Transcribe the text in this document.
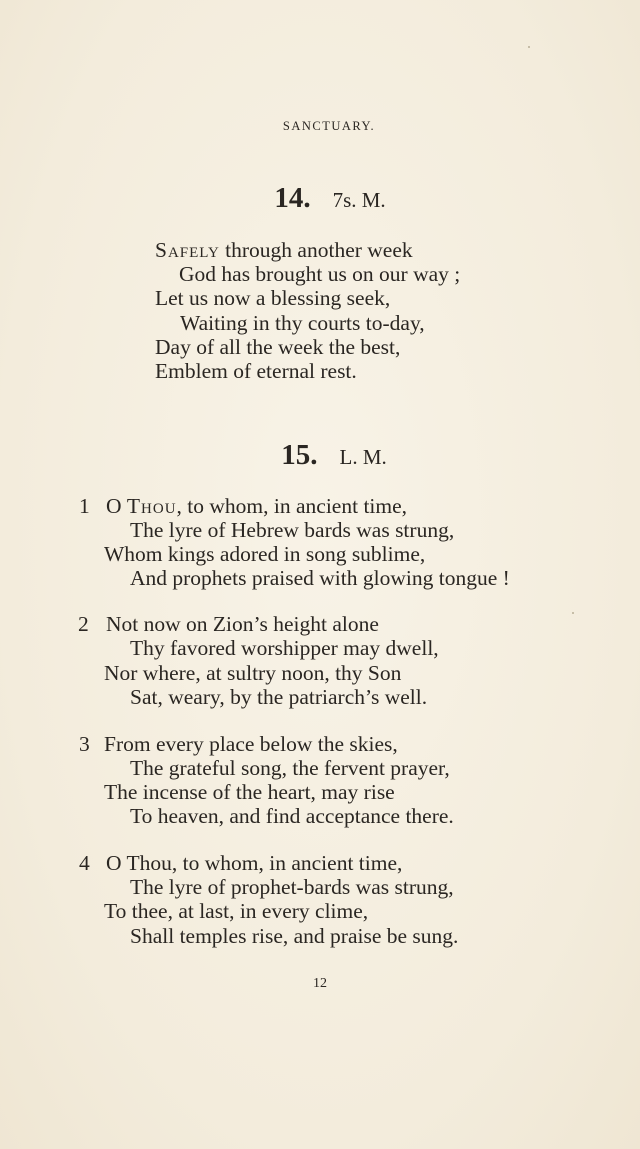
SANCTUARY.
14. 7s. M.
Safely through another week
God has brought us on our way ;
Let us now a blessing seek,
Waiting in thy courts to-day,
Day of all the week the best,
Emblem of eternal rest.
15. L. M.
1 O Thou, to whom, in ancient time,
The lyre of Hebrew bards was strung,
Whom kings adored in song sublime,
And prophets praised with glowing tongue !
2 Not now on Zion’s height alone
Thy favored worshipper may dwell,
Nor where, at sultry noon, thy Son
Sat, weary, by the patriarch’s well.
3 From every place below the skies,
The grateful song, the fervent prayer,
The incense of the heart, may rise
To heaven, and find acceptance there.
4 O Thou, to whom, in ancient time,
The lyre of prophet-bards was strung,
To thee, at last, in every clime,
Shall temples rise, and praise be sung.
12
